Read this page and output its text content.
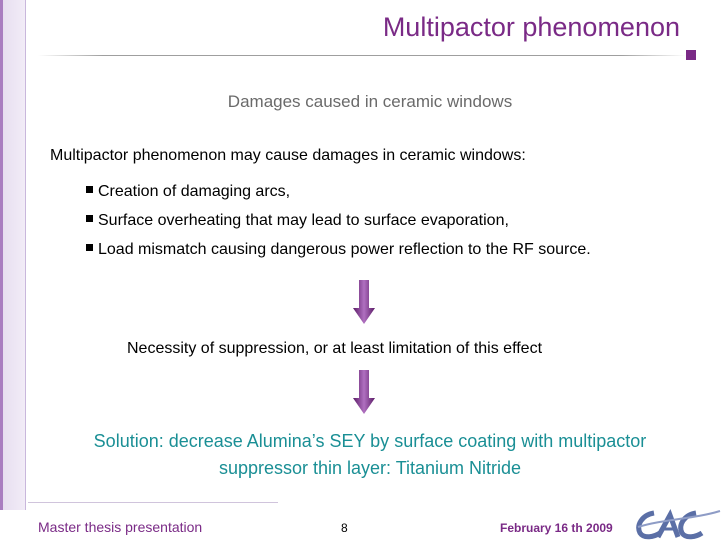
Multipactor phenomenon
Damages caused in ceramic windows
Multipactor phenomenon may cause damages in ceramic windows:
Creation of damaging arcs,
Surface overheating that may lead to surface evaporation,
Load mismatch causing dangerous power reflection to the RF source.
Necessity of suppression, or at least limitation of this effect
Solution: decrease Alumina’s SEY by surface coating with multipactor
suppressor thin layer: Titanium Nitride
Master thesis presentation	8	February 16 th 2009
